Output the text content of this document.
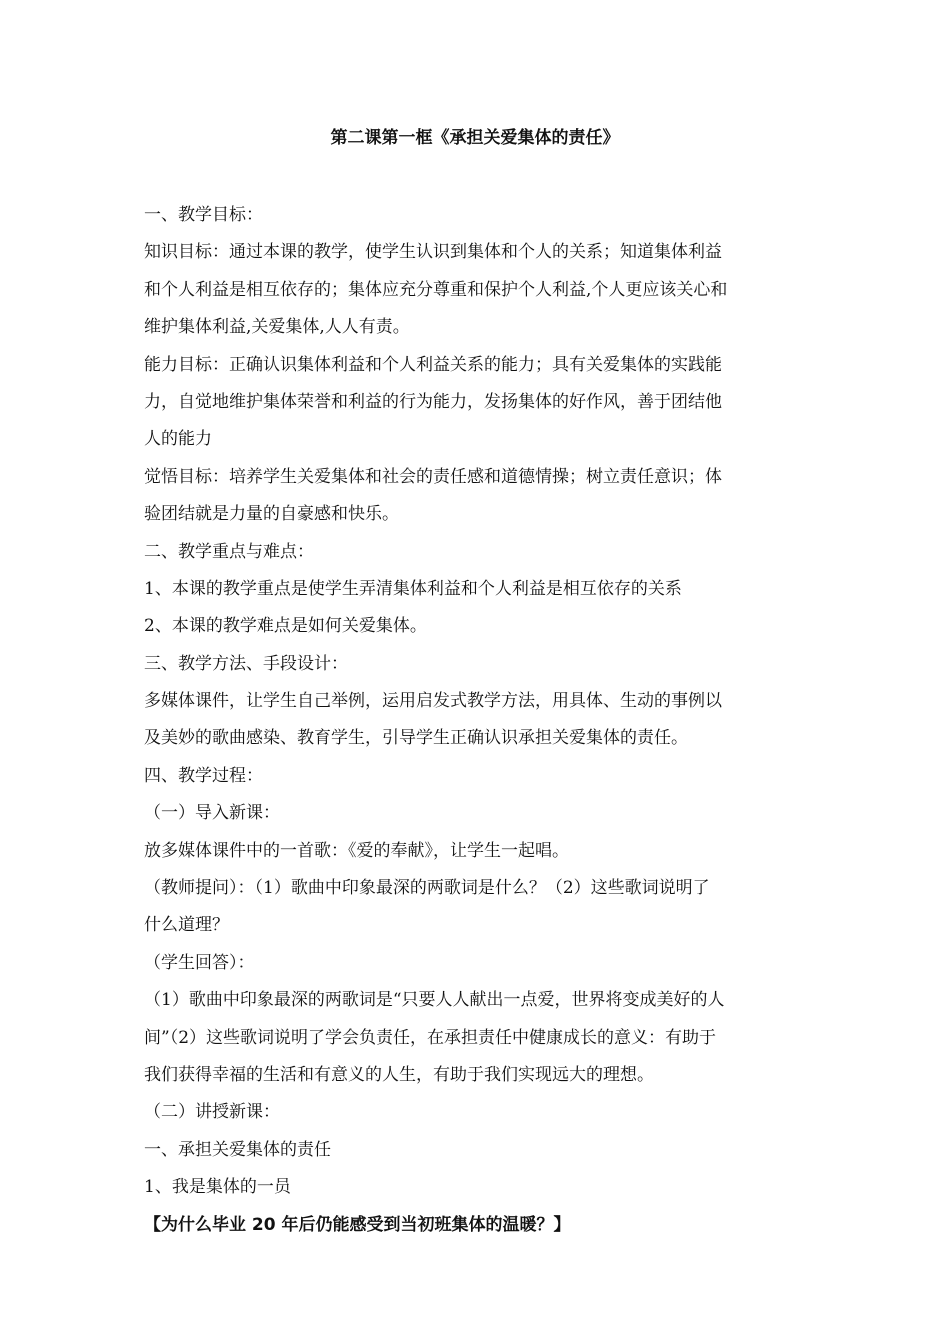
第二课第一框《承担关爱集体的责任》
一、教学目标：
知识目标：通过本课的教学，使学生认识到集体和个人的关系；知道集体利益
和个人利益是相互依存的；集体应充分尊重和保护个人利益,个人更应该关心和
维护集体利益,关爱集体,人人有责。
能力目标：正确认识集体利益和个人利益关系的能力；具有关爱集体的实践能
力，自觉地维护集体荣誉和利益的行为能力，发扬集体的好作风，善于团结他
人的能力
觉悟目标：培养学生关爱集体和社会的责任感和道德情操；树立责任意识；体
验团结就是力量的自豪感和快乐。
二、教学重点与难点：
1、本课的教学重点是使学生弄清集体利益和个人利益是相互依存的关系
2、本课的教学难点是如何关爱集体。
三、教学方法、手段设计：
多媒体课件，让学生自己举例，运用启发式教学方法，用具体、生动的事例以
及美妙的歌曲感染、教育学生，引导学生正确认识承担关爱集体的责任。
四、教学过程：
（一）导入新课：
放多媒体课件中的一首歌：《爱的奉献》，让学生一起唱。
（教师提问）：（1）歌曲中印象最深的两歌词是什么？（2）这些歌词说明了
什么道理？
（学生回答）：
（1）歌曲中印象最深的两歌词是“只要人人献出一点爱，世界将变成美好的人
间”（2）这些歌词说明了学会负责任，在承担责任中健康成长的意义：有助于
我们获得幸福的生活和有意义的人生，有助于我们实现远大的理想。
（二）讲授新课：
一、承担关爱集体的责任
1、我是集体的一员
【为什么毕业 20 年后仍能感受到当初班集体的温暖？】
